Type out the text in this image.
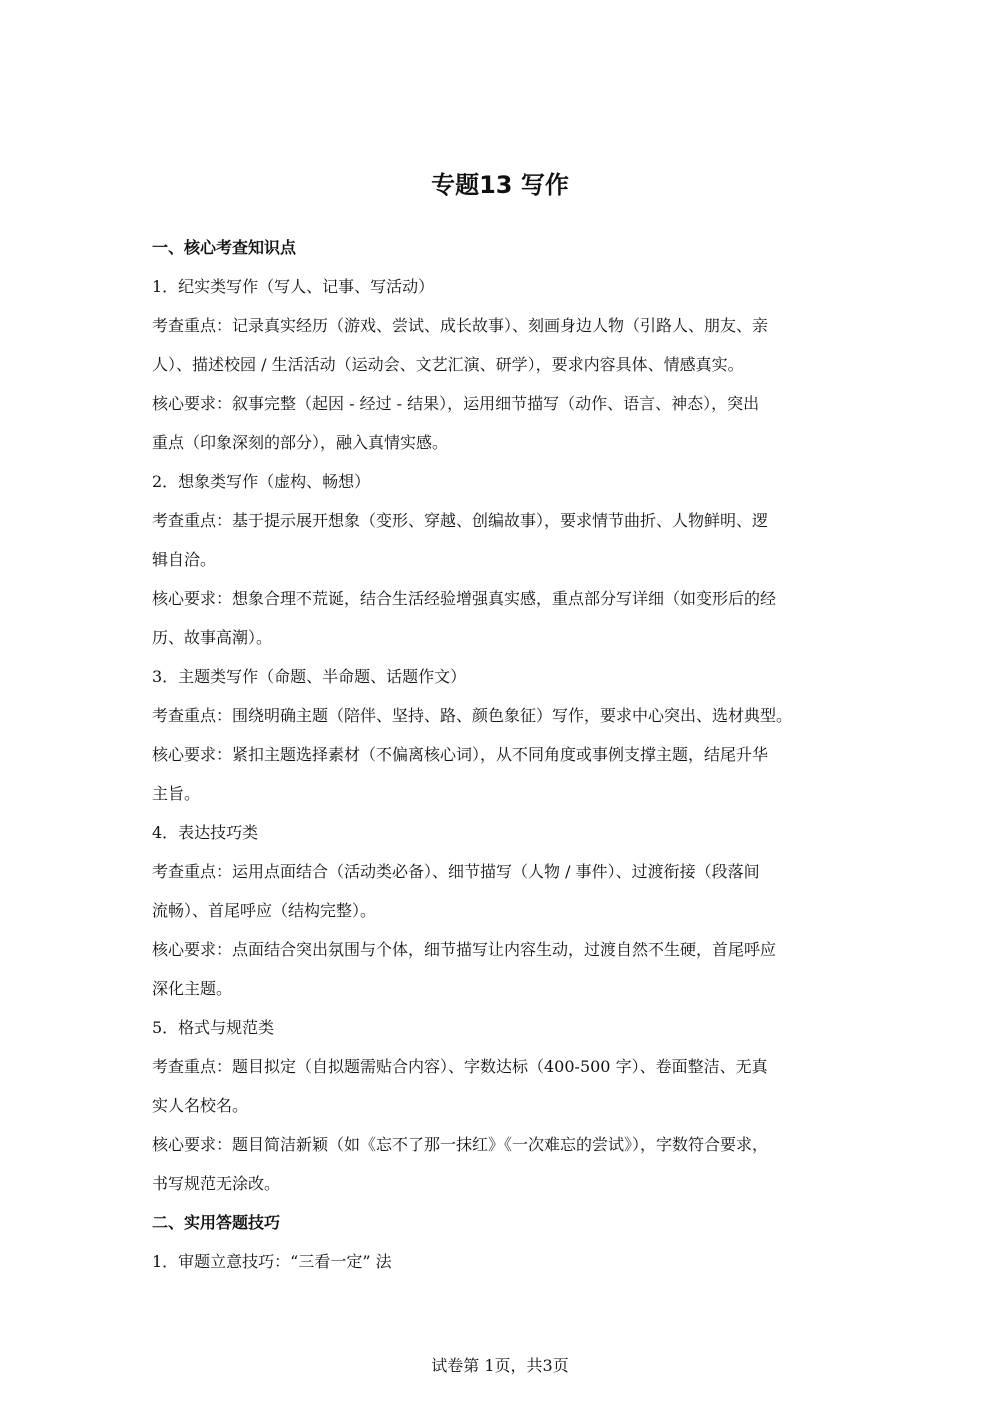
专题13 写作

一、核心考查知识点

1．纪实类写作（写人、记事、写活动）

考查重点：记录真实经历（游戏、尝试、成长故事）、刻画身边人物（引路人、朋友、亲

人）、描述校园 / 生活活动（运动会、文艺汇演、研学），要求内容具体、情感真实。

核心要求：叙事完整（起因 - 经过 - 结果），运用细节描写（动作、语言、神态），突出

重点（印象深刻的部分），融入真情实感。

2．想象类写作（虚构、畅想）

考查重点：基于提示展开想象（变形、穿越、创编故事），要求情节曲折、人物鲜明、逻

辑自洽。

核心要求：想象合理不荒诞，结合生活经验增强真实感，重点部分写详细（如变形后的经

历、故事高潮）。

3．主题类写作（命题、半命题、话题作文）

考查重点：围绕明确主题（陪伴、坚持、路、颜色象征）写作，要求中心突出、选材典型。

核心要求：紧扣主题选择素材（不偏离核心词），从不同角度或事例支撑主题，结尾升华

主旨。

4．表达技巧类

考查重点：运用点面结合（活动类必备）、细节描写（人物 / 事件）、过渡衔接（段落间

流畅）、首尾呼应（结构完整）。

核心要求：点面结合突出氛围与个体，细节描写让内容生动，过渡自然不生硬，首尾呼应

深化主题。

5．格式与规范类

考查重点：题目拟定（自拟题需贴合内容）、字数达标（400-500 字）、卷面整洁、无真

实人名校名。

核心要求：题目简洁新颖（如《忘不了那一抹红》《一次难忘的尝试》），字数符合要求，

书写规范无涂改。

二、实用答题技巧

1．审题立意技巧：“三看一定” 法

试卷第 1页，共3页
